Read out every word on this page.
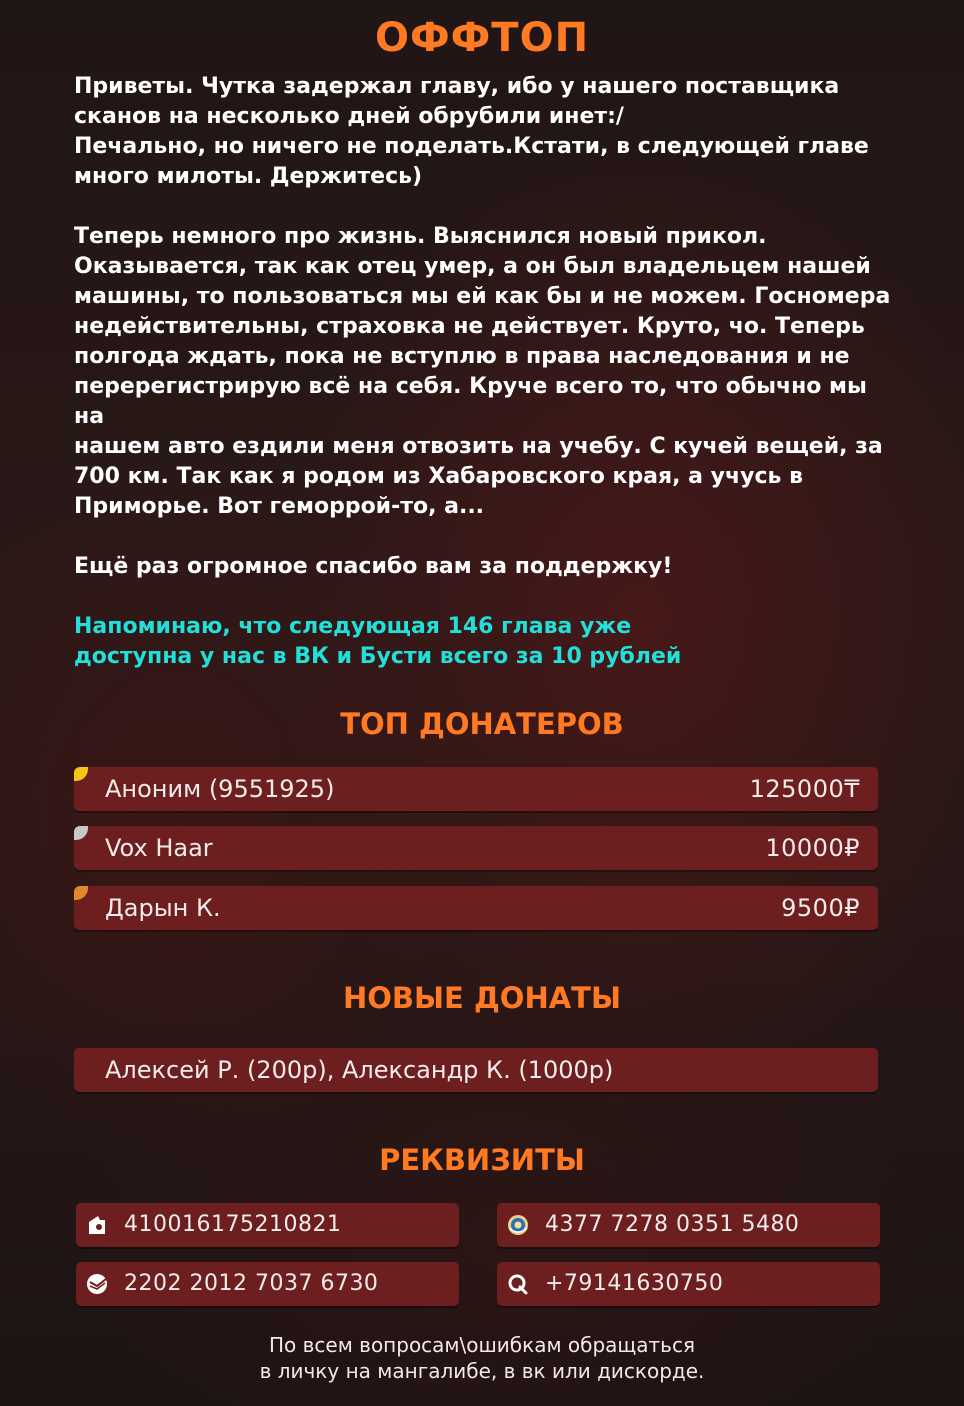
ОФФТОП

Приветы. Чутка задержал главу, ибо у нашего поставщика

сканов на несколько дней обрубили инет:/

Печально, но ничего не поделать.Кстати, в следующей главе

много милоты. Держитесь)

Теперь немного про жизнь. Выяснился новый прикол.

Оказывается, так как отец умер, а он был владельцем нашей

машины, то пользоваться мы ей как бы и не можем. Госномера

недействительны, страховка не действует. Круто, чо. Теперь

полгода ждать, пока не вступлю в права наследования и не

перерегистрирую всё на себя. Круче всего то, что обычно мы на

нашем авто ездили меня отвозить на учебу. С кучей вещей, за

700 км. Так как я родом из Хабаровского края, а учусь в

Приморье. Вот геморрой-то, а...

Ещё раз огромное спасибо вам за поддержку!

Напоминаю, что следующая 146 глава уже

доступна у нас в ВК и Бусти всего за 10 рублей

ТОП ДОНАТЕРОВ
Аноним (9551925)	125000₸
Vox Haar	10000₽
Дарын К.	9500₽
НОВЫЕ ДОНАТЫ
Алексей Р. (200р), Александр К. (1000р)
РЕКВИЗИТЫ
410016175210821	4377 7278 0351 5480
2202 2012 7037 6730	+79141630750
По всем вопросам\ошибкам обращаться
в личку на мангалибе, в вк или дискорде.
